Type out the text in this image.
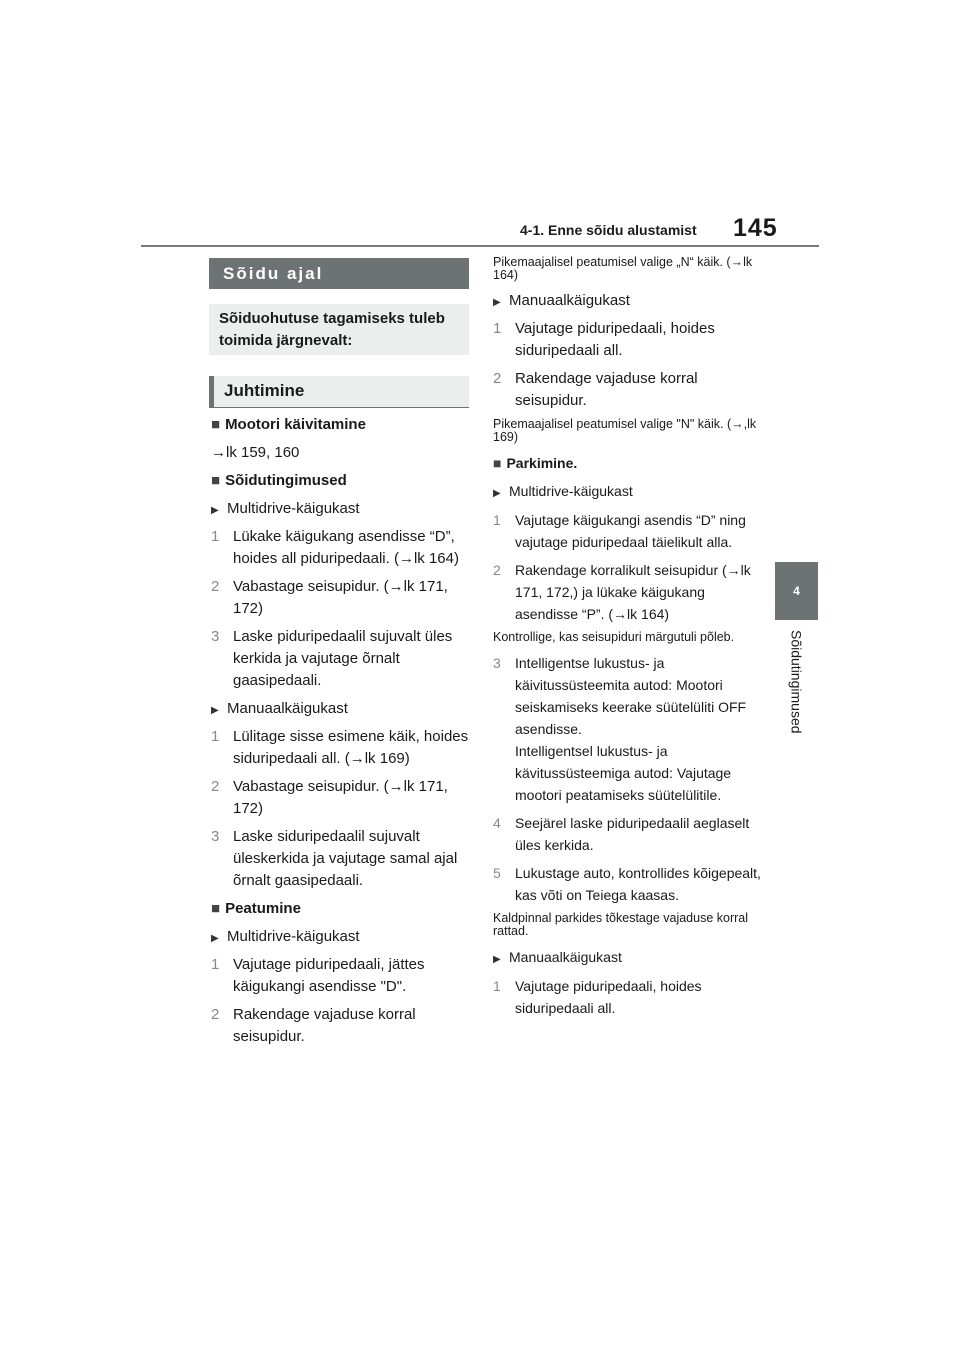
4-1. Enne sõidu alustamist 145
4
Sõidutingimused
Sõidu ajal
Sõiduohutuse tagamiseks tuleb toimida järgnevalt:
Juhtimine
■ Mootori käivitamine
→lk 159, 160
■ Sõidutingimused
▶ Multidrive-käigukast
1 Lükake käigukang asendisse “D”, hoides all piduripedaali. (→lk 164)
2 Vabastage seisupidur. (→lk 171, 172)
3 Laske piduripedaalil sujuvalt üles kerkida ja vajutage õrnalt gaasipedaali.
▶ Manuaalkäigukast
1 Lülitage sisse esimene käik, hoides siduripedaali all. (→lk 169)
2 Vabastage seisupidur. (→lk 171, 172)
3 Laske siduripedaalil sujuvalt üleskerkida ja vajutage samal ajal õrnalt gaasipedaali.
■ Peatumine
▶ Multidrive-käigukast
1 Vajutage piduripedaali, jättes käigukangi asendisse "D".
2 Rakendage vajaduse korral seisupidur.
Pikemaajalisel peatumisel valige „N“ käik. (→lk 164)
▶ Manuaalkäigukast
1 Vajutage piduripedaali, hoides siduripedaali all.
2 Rakendage vajaduse korral seisupidur.
Pikemaajalisel peatumisel valige "N" käik. (→,lk 169)
■ Parkimine.
▶ Multidrive-käigukast
1	Vajutage käigukangi asendis “D” ning vajutage piduripedaal täielikult alla.
2	Rakendage korralikult seisupidur (→lk 171, 172,) ja lükake käigukang asendisse “P”. (→lk 164)
Kontrollige, kas seisupiduri märgutuli põleb.
3	Intelligentse lukustus- ja käivitussüsteemita autod: Mootori seiskamiseks keerake süütelüliti OFF asendisse.
Intelligentsel lukustus- ja kävitussüsteemiga autod: Vajutage mootori peatamiseks süütelülitile.
4	Seejärel laske piduripedaalil aeglaselt üles kerkida.
5	Lukustage auto, kontrollides kõigepealt, kas võti on Teiega kaasas.
Kaldpinnal parkides tõkestage vajaduse korral rattad.
▶ Manuaalkäigukast
1	Vajutage piduripedaali, hoides siduripedaali all.
